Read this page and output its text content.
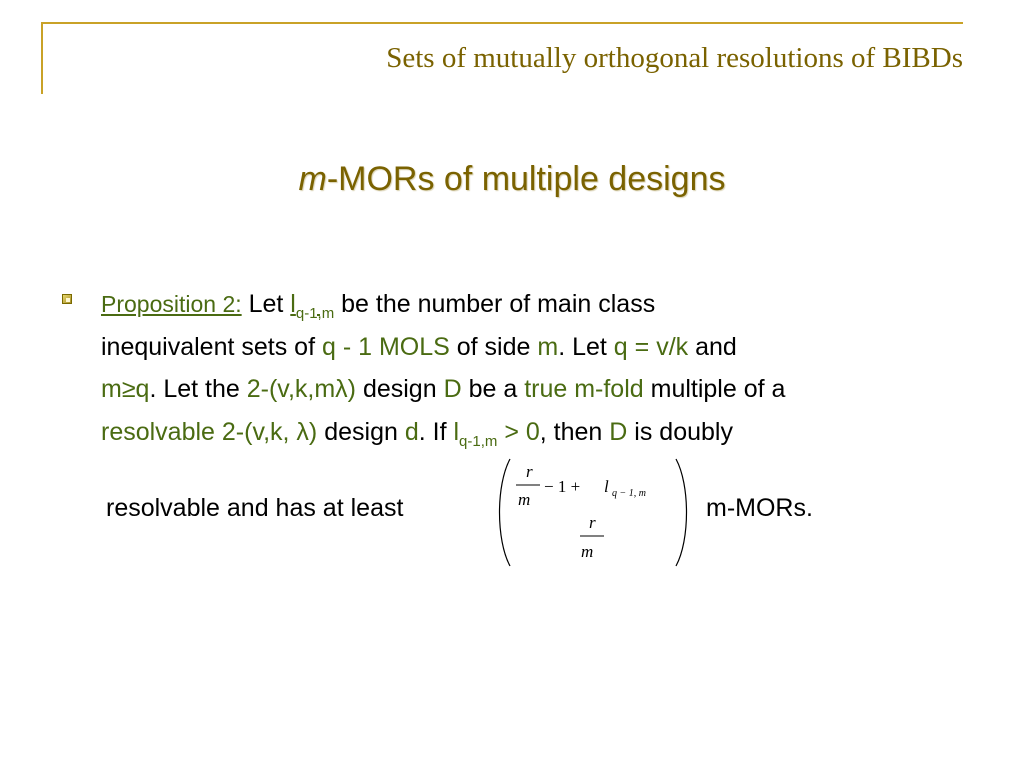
Sets of mutually orthogonal resolutions of BIBDs
m-MORs of multiple designs
Proposition 2: Let $l_{q-1,m}$ be the number of main class
inequivalent sets of q - 1 MOLS of side m. Let q = v/k and
m≥q. Let the 2-(v,k,mλ) design D be a true m-fold multiple of a
resolvable 2-(v,k, λ) design d. If $l_{q-1,m} > 0$, then D is doubly
resolvable and has at least
r
m
− 1 + l q − 1, m
r
m
m-MORs.
